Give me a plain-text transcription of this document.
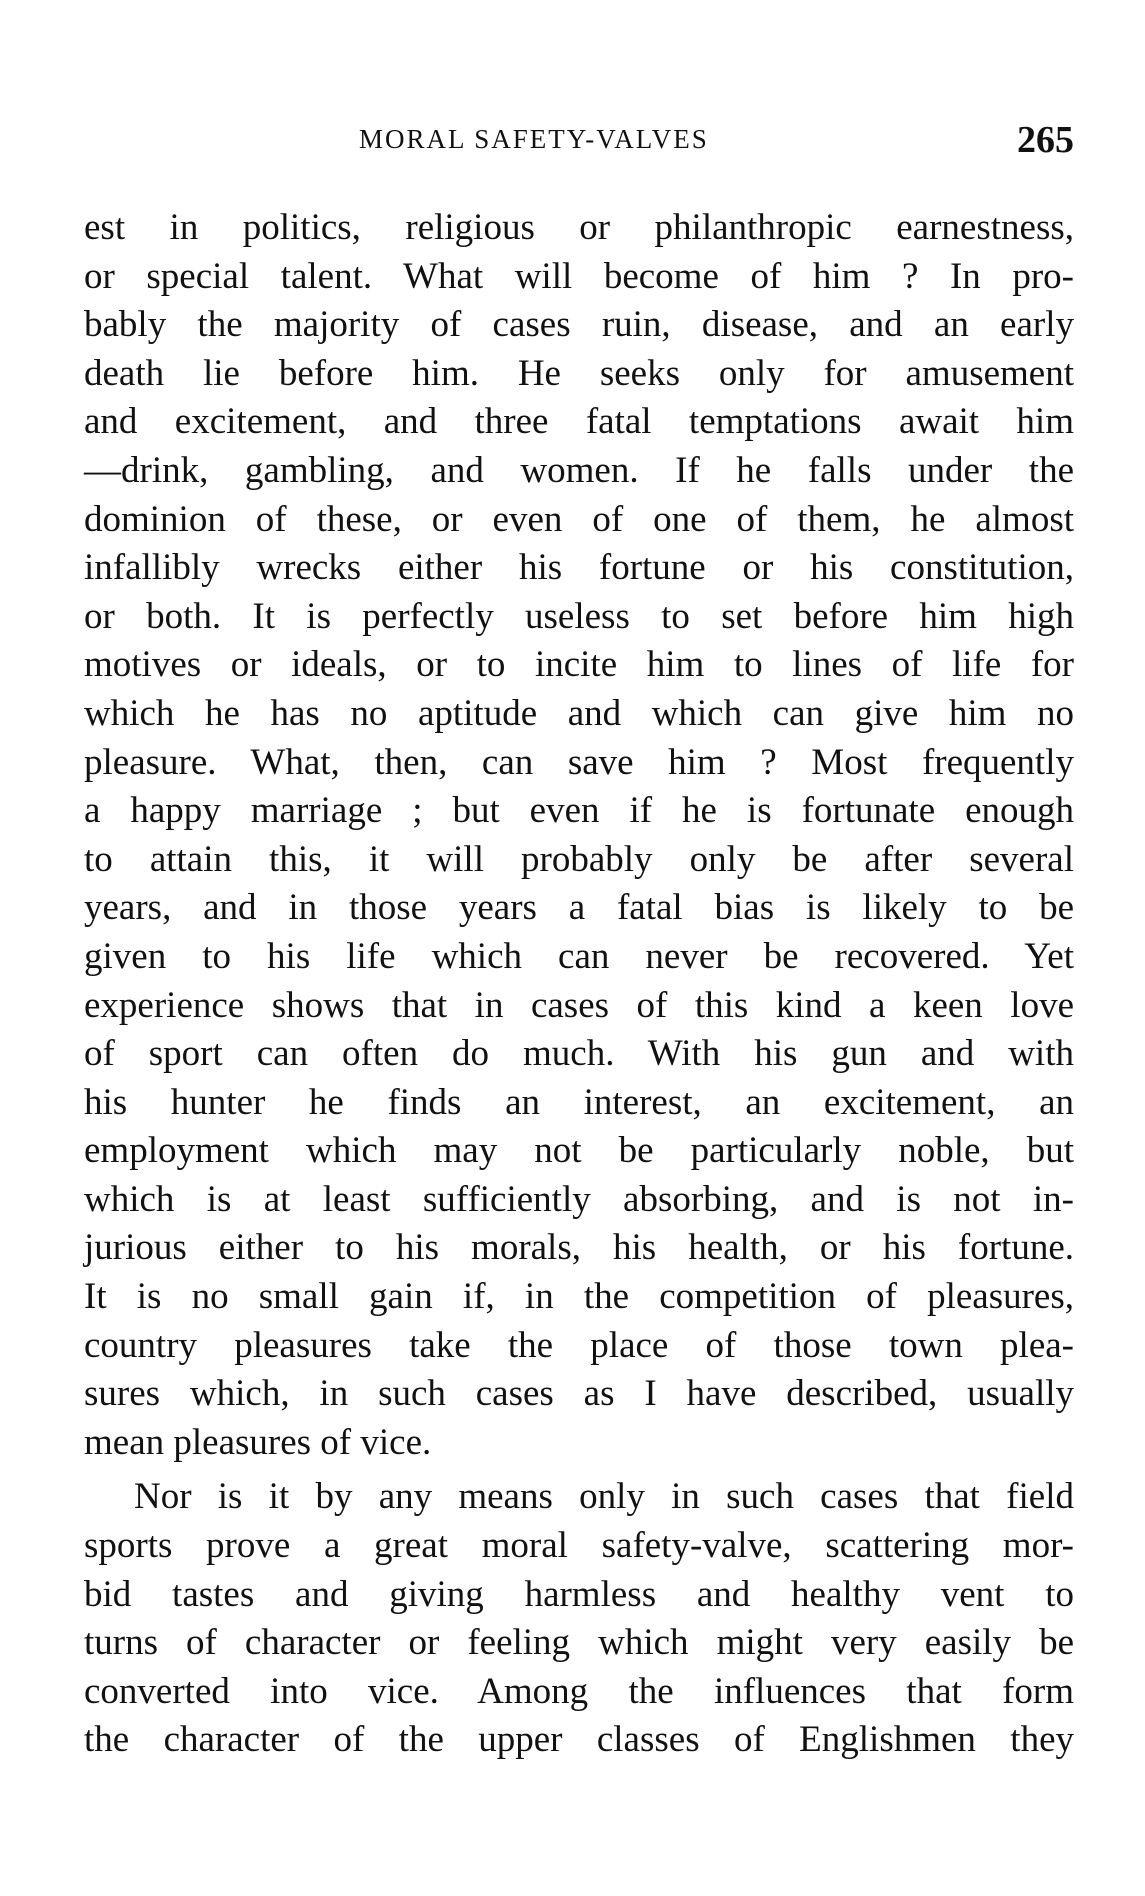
MORAL SAFETY-VALVES	265
est in politics, religious or philanthropic earnestness,
or special talent. What will become of him ? In pro-
bably the majority of cases ruin, disease, and an early
death lie before him. He seeks only for amusement
and excitement, and three fatal temptations await him
—drink, gambling, and women. If he falls under the
dominion of these, or even of one of them, he almost
infallibly wrecks either his fortune or his constitution,
or both. It is perfectly useless to set before him high
motives or ideals, or to incite him to lines of life for
which he has no aptitude and which can give him no
pleasure. What, then, can save him ? Most frequently
a happy marriage ; but even if he is fortunate enough
to attain this, it will probably only be after several
years, and in those years a fatal bias is likely to be
given to his life which can never be recovered. Yet
experience shows that in cases of this kind a keen love
of sport can often do much. With his gun and with
his hunter he finds an interest, an excitement, an
employment which may not be particularly noble, but
which is at least sufficiently absorbing, and is not in-
jurious either to his morals, his health, or his fortune.
It is no small gain if, in the competition of pleasures,
country pleasures take the place of those town plea-
sures which, in such cases as I have described, usually
mean pleasures of vice.
Nor is it by any means only in such cases that field
sports prove a great moral safety-valve, scattering mor-
bid tastes and giving harmless and healthy vent to
turns of character or feeling which might very easily be
converted into vice. Among the influences that form
the character of the upper classes of Englishmen they
